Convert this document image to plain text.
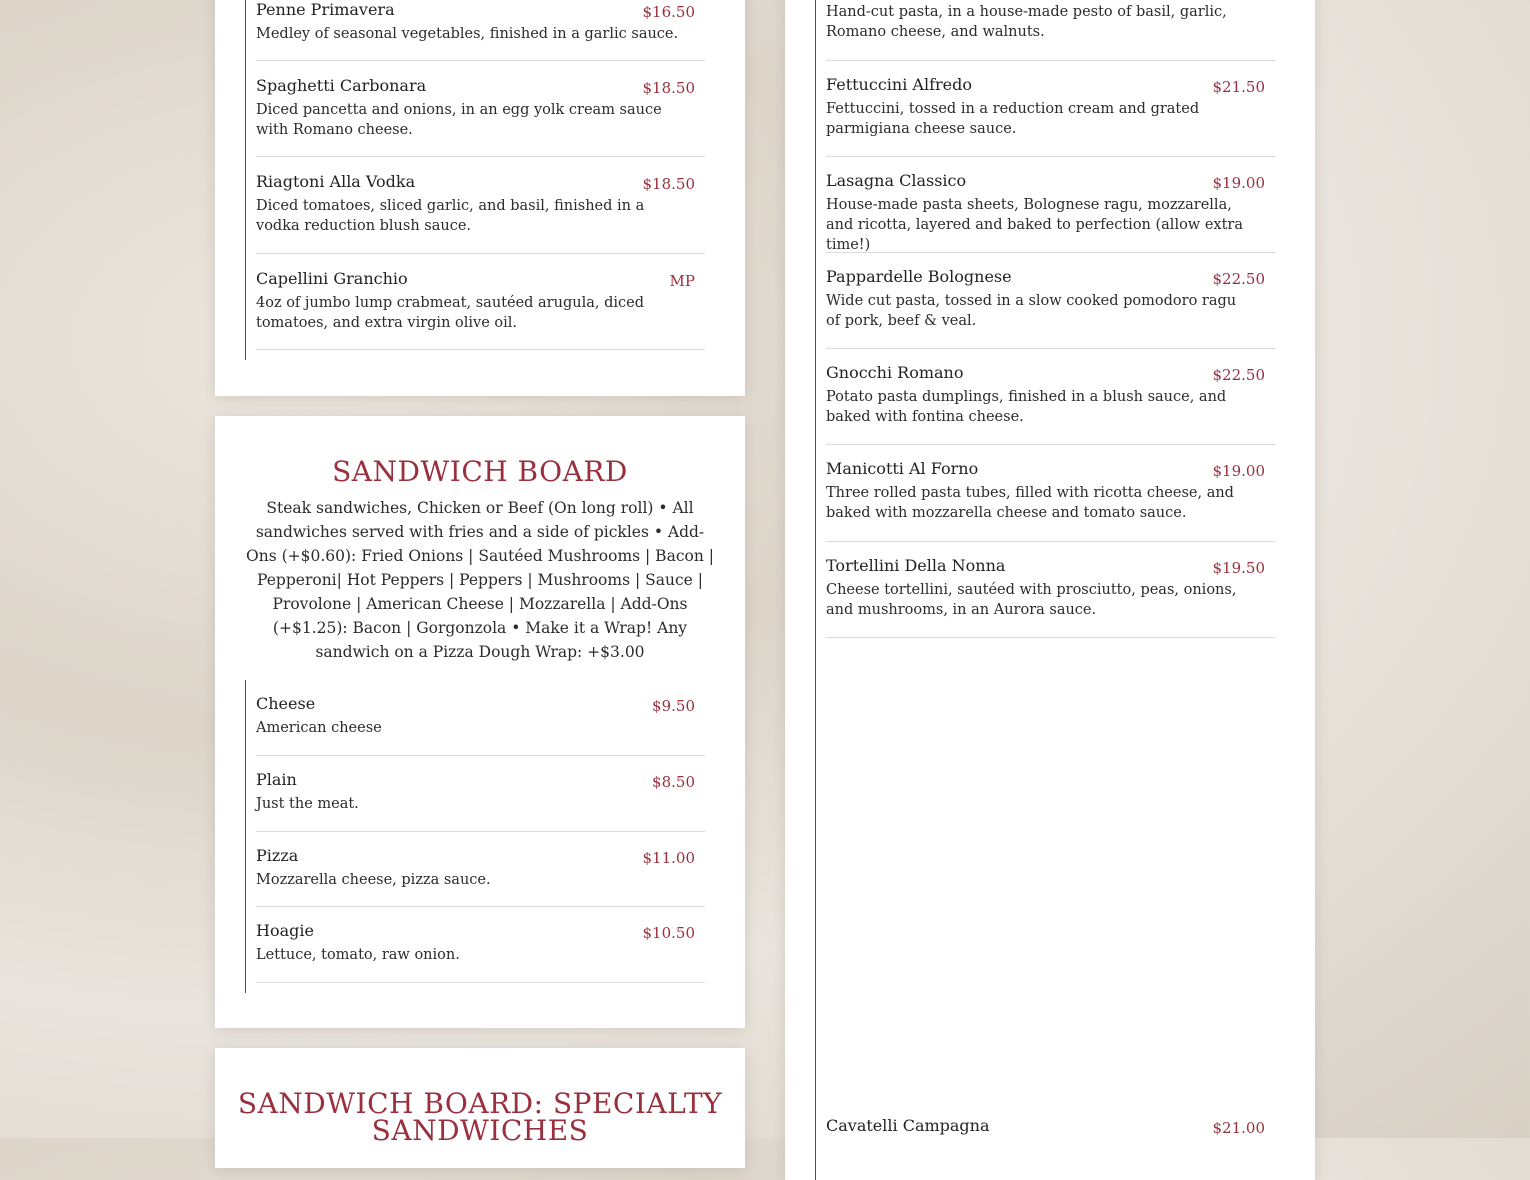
Penne Primavera	$16.50
Medley of seasonal vegetables, finished in a garlic sauce.
Spaghetti Carbonara	$18.50
Diced pancetta and onions, in an egg yolk cream sauce with Romano cheese.
Riagtoni Alla Vodka	$18.50
Diced tomatoes, sliced garlic, and basil, finished in a vodka reduction blush sauce.
Capellini Granchio	MP
4oz of jumbo lump crabmeat, sautéed arugula, diced tomatoes, and extra virgin olive oil.
SANDWICH BOARD
Steak sandwiches, Chicken or Beef (On long roll) • All sandwiches served with fries and a side of pickles • Add-Ons (+$0.60): Fried Onions | Sautéed Mushrooms | Bacon | Pepperoni| Hot Peppers | Peppers | Mushrooms | Sauce | Provolone | American Cheese | Mozzarella | Add-Ons (+$1.25): Bacon | Gorgonzola • Make it a Wrap! Any sandwich on a Pizza Dough Wrap: +$3.00
Cheese	$9.50
American cheese
Plain	$8.50
Just the meat.
Pizza	$11.00
Mozzarella cheese, pizza sauce.
Hoagie	$10.50
Lettuce, tomato, raw onion.
SANDWICH BOARD: SPECIALTY
SANDWICHES
Hand-cut pasta, in a house-made pesto of basil, garlic, Romano cheese, and walnuts.
Fettuccini Alfredo	$21.50
Fettuccini, tossed in a reduction cream and grated parmigiana cheese sauce.
Lasagna Classico	$19.00
House-made pasta sheets, Bolognese ragu, mozzarella, and ricotta, layered and baked to perfection (allow extra time!)
Pappardelle Bolognese	$22.50
Wide cut pasta, tossed in a slow cooked pomodoro ragu of pork, beef & veal.
Gnocchi Romano	$22.50
Potato pasta dumplings, finished in a blush sauce, and baked with fontina cheese.
Manicotti Al Forno	$19.00
Three rolled pasta tubes, filled with ricotta cheese, and baked with mozzarella cheese and tomato sauce.
Tortellini Della Nonna	$19.50
Cheese tortellini, sautéed with prosciutto, peas, onions, and mushrooms, in an Aurora sauce.
Cavatelli Campagna	$21.00
